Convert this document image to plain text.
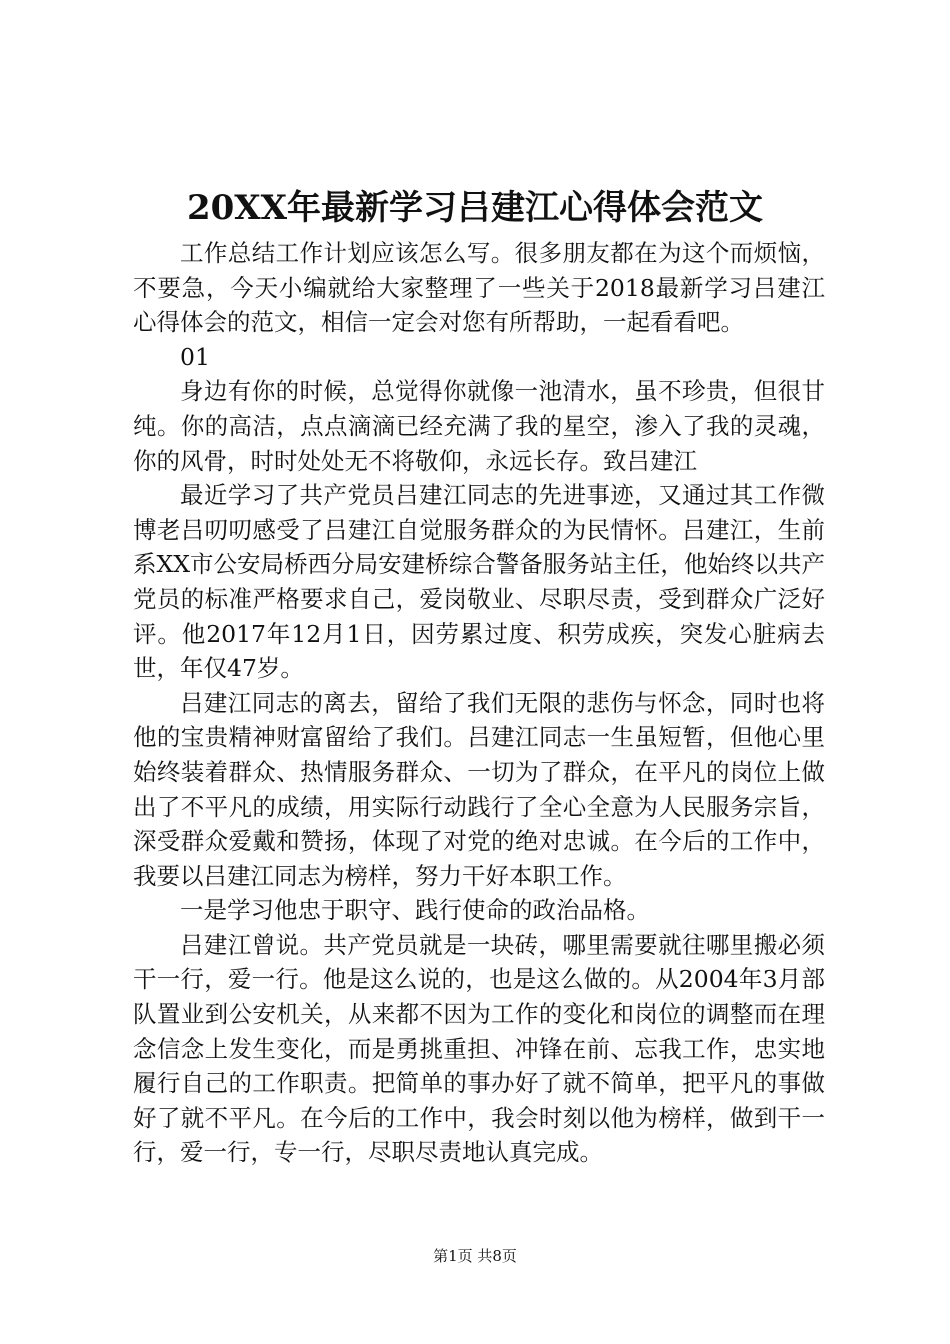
20XX年最新学习吕建江心得体会范文

工作总结工作计划应该怎么写。很多朋友都在为这个而烦恼，不要急，今天小编就给大家整理了一些关于2018最新学习吕建江心得体会的范文，相信一定会对您有所帮助，一起看看吧。

01

身边有你的时候，总觉得你就像一池清水，虽不珍贵，但很甘纯。你的高洁，点点滴滴已经充满了我的星空，渗入了我的灵魂，你的风骨，时时处处无不将敬仰，永远长存。致吕建江

最近学习了共产党员吕建江同志的先进事迹，又通过其工作微博老吕叨叨感受了吕建江自觉服务群众的为民情怀。吕建江，生前系XX市公安局桥西分局安建桥综合警备服务站主任，他始终以共产党员的标准严格要求自己，爱岗敬业、尽职尽责，受到群众广泛好评。他2017年12月1日，因劳累过度、积劳成疾，突发心脏病去世，年仅47岁。

吕建江同志的离去，留给了我们无限的悲伤与怀念，同时也将他的宝贵精神财富留给了我们。吕建江同志一生虽短暂，但他心里始终装着群众、热情服务群众、一切为了群众，在平凡的岗位上做出了不平凡的成绩，用实际行动践行了全心全意为人民服务宗旨，深受群众爱戴和赞扬，体现了对党的绝对忠诚。在今后的工作中，我要以吕建江同志为榜样，努力干好本职工作。

一是学习他忠于职守、践行使命的政治品格。

吕建江曾说。共产党员就是一块砖，哪里需要就往哪里搬必须干一行，爱一行。他是这么说的，也是这么做的。从2004年3月部队置业到公安机关，从来都不因为工作的变化和岗位的调整而在理念信念上发生变化，而是勇挑重担、冲锋在前、忘我工作，忠实地履行自己的工作职责。把简单的事办好了就不简单，把平凡的事做好了就不平凡。在今后的工作中，我会时刻以他为榜样，做到干一行，爱一行，专一行，尽职尽责地认真完成。

第1页 共8页
